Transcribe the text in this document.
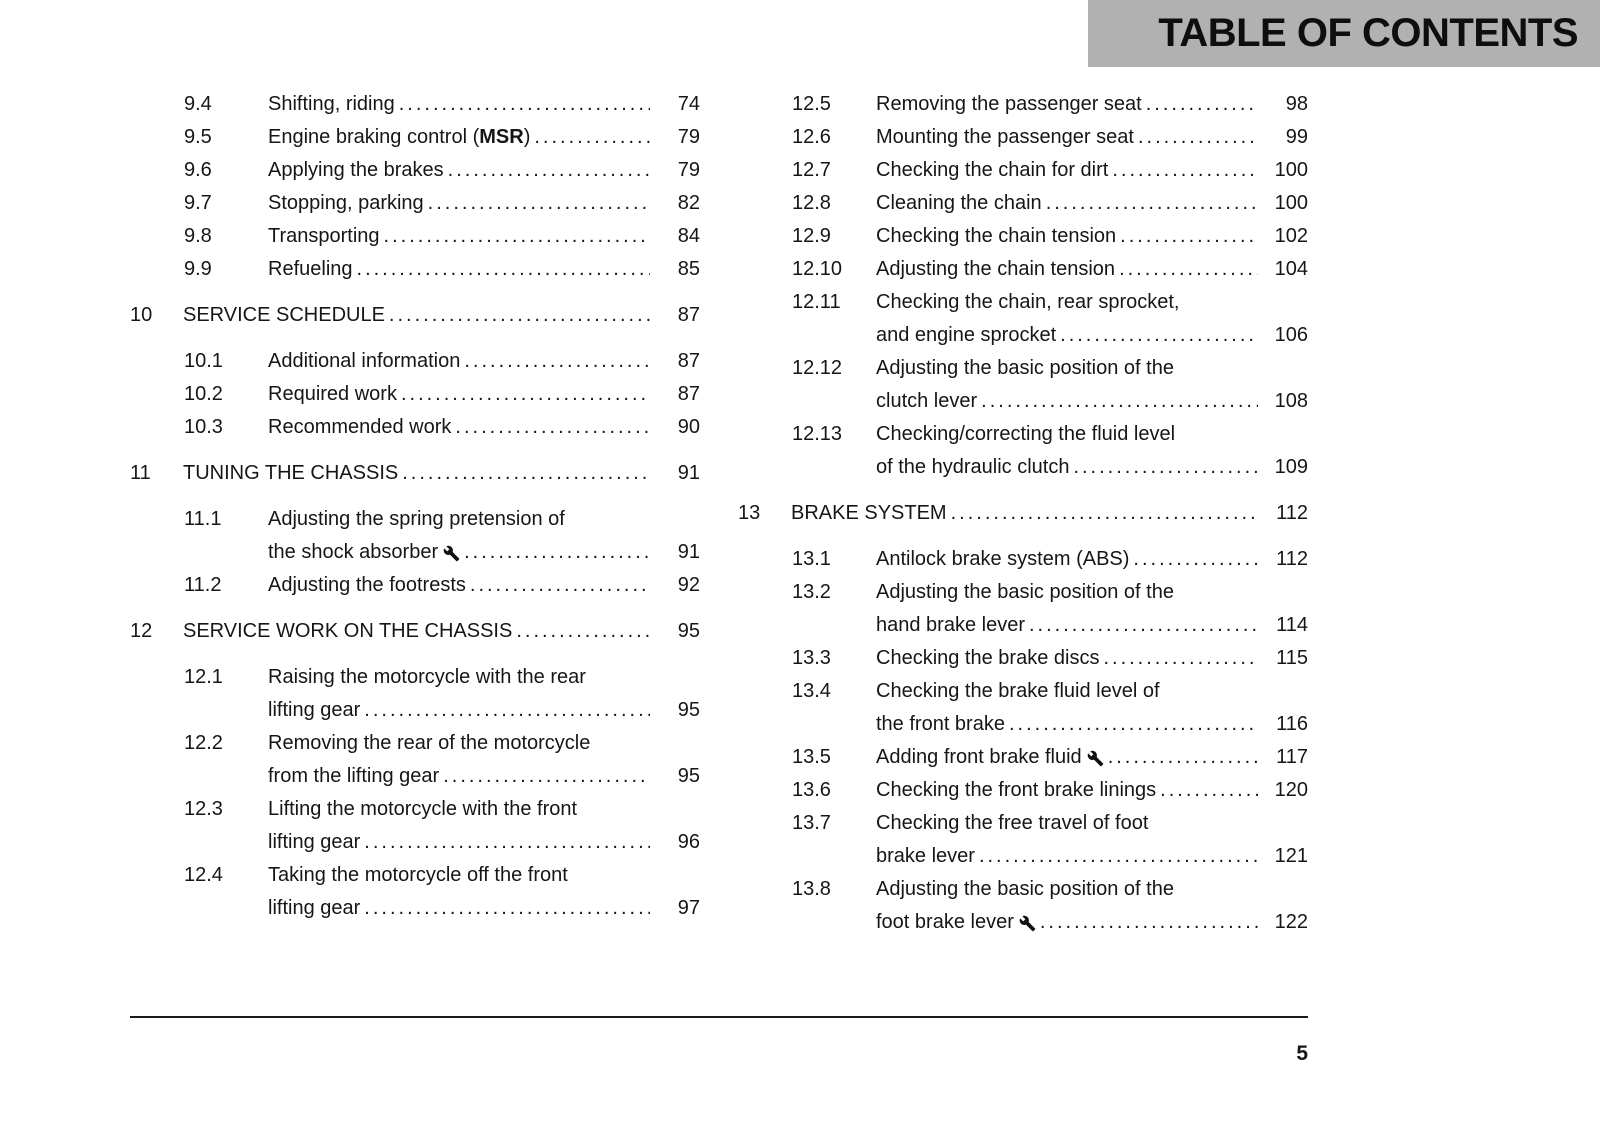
TABLE OF CONTENTS
9.4	Shifting, riding .....	74
9.5	Engine braking control (MSR) .....	79
9.6	Applying the brakes .....	79
9.7	Stopping, parking .....	82
9.8	Transporting .....	84
9.9	Refueling .....	85
10	SERVICE SCHEDULE .....	87
10.1	Additional information .....	87
10.2	Required work .....	87
10.3	Recommended work .....	90
11	TUNING THE CHASSIS .....	91
11.1	Adjusting the spring pretension of
the shock absorber .....	91
11.2	Adjusting the footrests .....	92
12	SERVICE WORK ON THE CHASSIS .....	95
12.1	Raising the motorcycle with the rear
lifting gear .....	95
12.2	Removing the rear of the motorcycle
from the lifting gear .....	95
12.3	Lifting the motorcycle with the front
lifting gear .....	96
12.4	Taking the motorcycle off the front
lifting gear .....	97
12.5	Removing the passenger seat .....	98
12.6	Mounting the passenger seat .....	99
12.7	Checking the chain for dirt .....	100
12.8	Cleaning the chain .....	100
12.9	Checking the chain tension .....	102
12.10	Adjusting the chain tension .....	104
12.11	Checking the chain, rear sprocket,
and engine sprocket .....	106
12.12	Adjusting the basic position of the
clutch lever .....	108
12.13	Checking/correcting the fluid level
of the hydraulic clutch .....	109
13	BRAKE SYSTEM .....	112
13.1	Antilock brake system (ABS) .....	112
13.2	Adjusting the basic position of the
hand brake lever .....	114
13.3	Checking the brake discs .....	115
13.4	Checking the brake fluid level of
the front brake .....	116
13.5	Adding front brake fluid .....	117
13.6	Checking the front brake linings .....	120
13.7	Checking the free travel of foot
brake lever .....	121
13.8	Adjusting the basic position of the
foot brake lever .....	122
5
